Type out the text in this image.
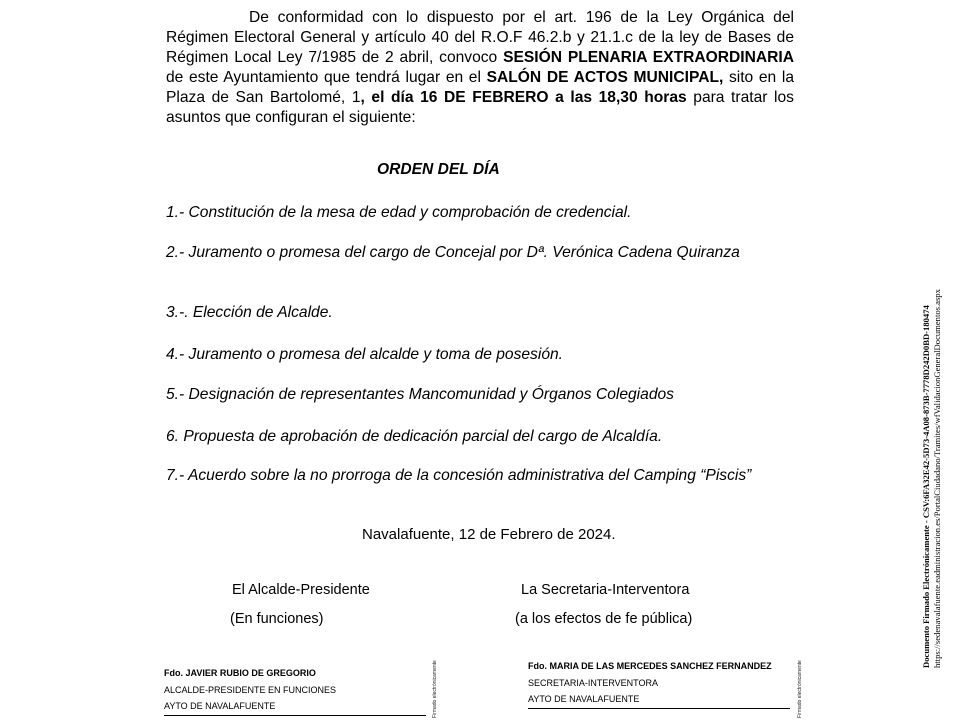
De conformidad con lo dispuesto por el art. 196 de la Ley Orgánica del Régimen Electoral General y artículo 40 del R.O.F 46.2.b y 21.1.c de la ley de Bases de Régimen Local Ley 7/1985 de 2 abril, convoco SESIÓN PLENARIA EXTRAORDINARIA de este Ayuntamiento que tendrá lugar en el SALÓN DE ACTOS MUNICIPAL, sito en la Plaza de San Bartolomé, 1, el día 16 DE FEBRERO a las 18,30 horas para tratar los asuntos que configuran el siguiente:

ORDEN DEL DÍA

1.- Constitución de la mesa de edad y comprobación de credencial.

2.- Juramento o promesa del cargo de Concejal por Dª. Verónica Cadena Quiranza

3.-. Elección de Alcalde.

4.- Juramento o promesa del alcalde y toma de posesión.

5.- Designación de representantes Mancomunidad y Órganos Colegiados

6. Propuesta de aprobación de dedicación parcial del cargo de Alcaldía.

7.- Acuerdo sobre la no prorroga de la concesión administrativa del Camping “Piscis”

Navalafuente, 12 de Febrero de 2024.
El Alcalde-Presidente
(En funciones)
La Secretaria-Interventora
(a los efectos de fe pública)
Fdo. JAVIER RUBIO DE GREGORIO
ALCALDE-PRESIDENTE EN FUNCIONES
AYTO DE NAVALAFUENTE	Firmado electrónicamente	Fdo. MARIA DE LAS MERCEDES SANCHEZ FERNANDEZ
SECRETARIA-INTERVENTORA
AYTO DE NAVALAFUENTE	Firmado electrónicamente
Documento Firmado Electrónicamente - CSV:6FA32E42-5D73-4A08-873B-7778D242D0BD-180474 https://sedenavalafuente.eadministracion.es/PortalCiudadano/Tramites/wfValidacionGeneralDocumentos.aspx
